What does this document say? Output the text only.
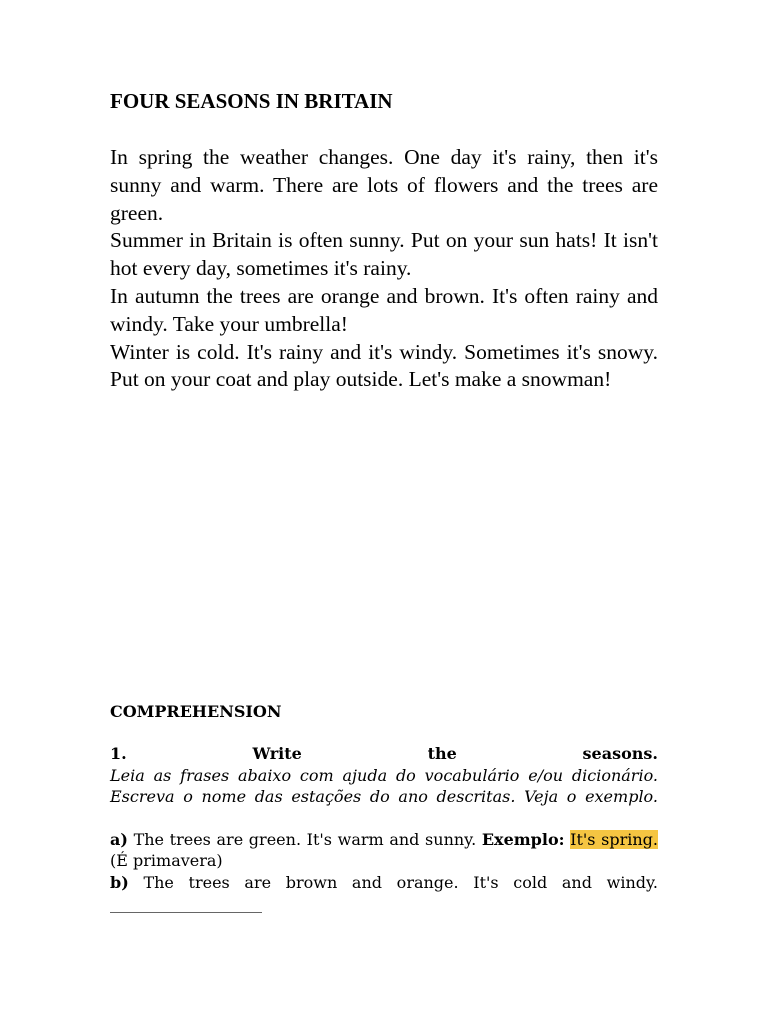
FOUR SEASONS IN BRITAIN

In spring the weather changes. One day it's rainy, then it's sunny and warm. There are lots of flowers and the trees are green.

Summer in Britain is often sunny. Put on your sun hats! It isn't hot every day, sometimes it's rainy.

In autumn the trees are orange and brown. It's often rainy and windy. Take your umbrella!

Winter is cold. It's rainy and it's windy. Sometimes it's snowy. Put on your coat and play outside. Let's make a snowman!

COMPREHENSION
1.	Write	the	seasons.
Leia as frases abaixo com ajuda do vocabulário e/ou dicionário. Escreva o nome das estações do ano descritas. Veja o exemplo.
a) The trees are green. It's warm and sunny. Exemplo: It's spring. (É primavera)
b) The trees are brown and orange. It's cold and windy. ___________________
